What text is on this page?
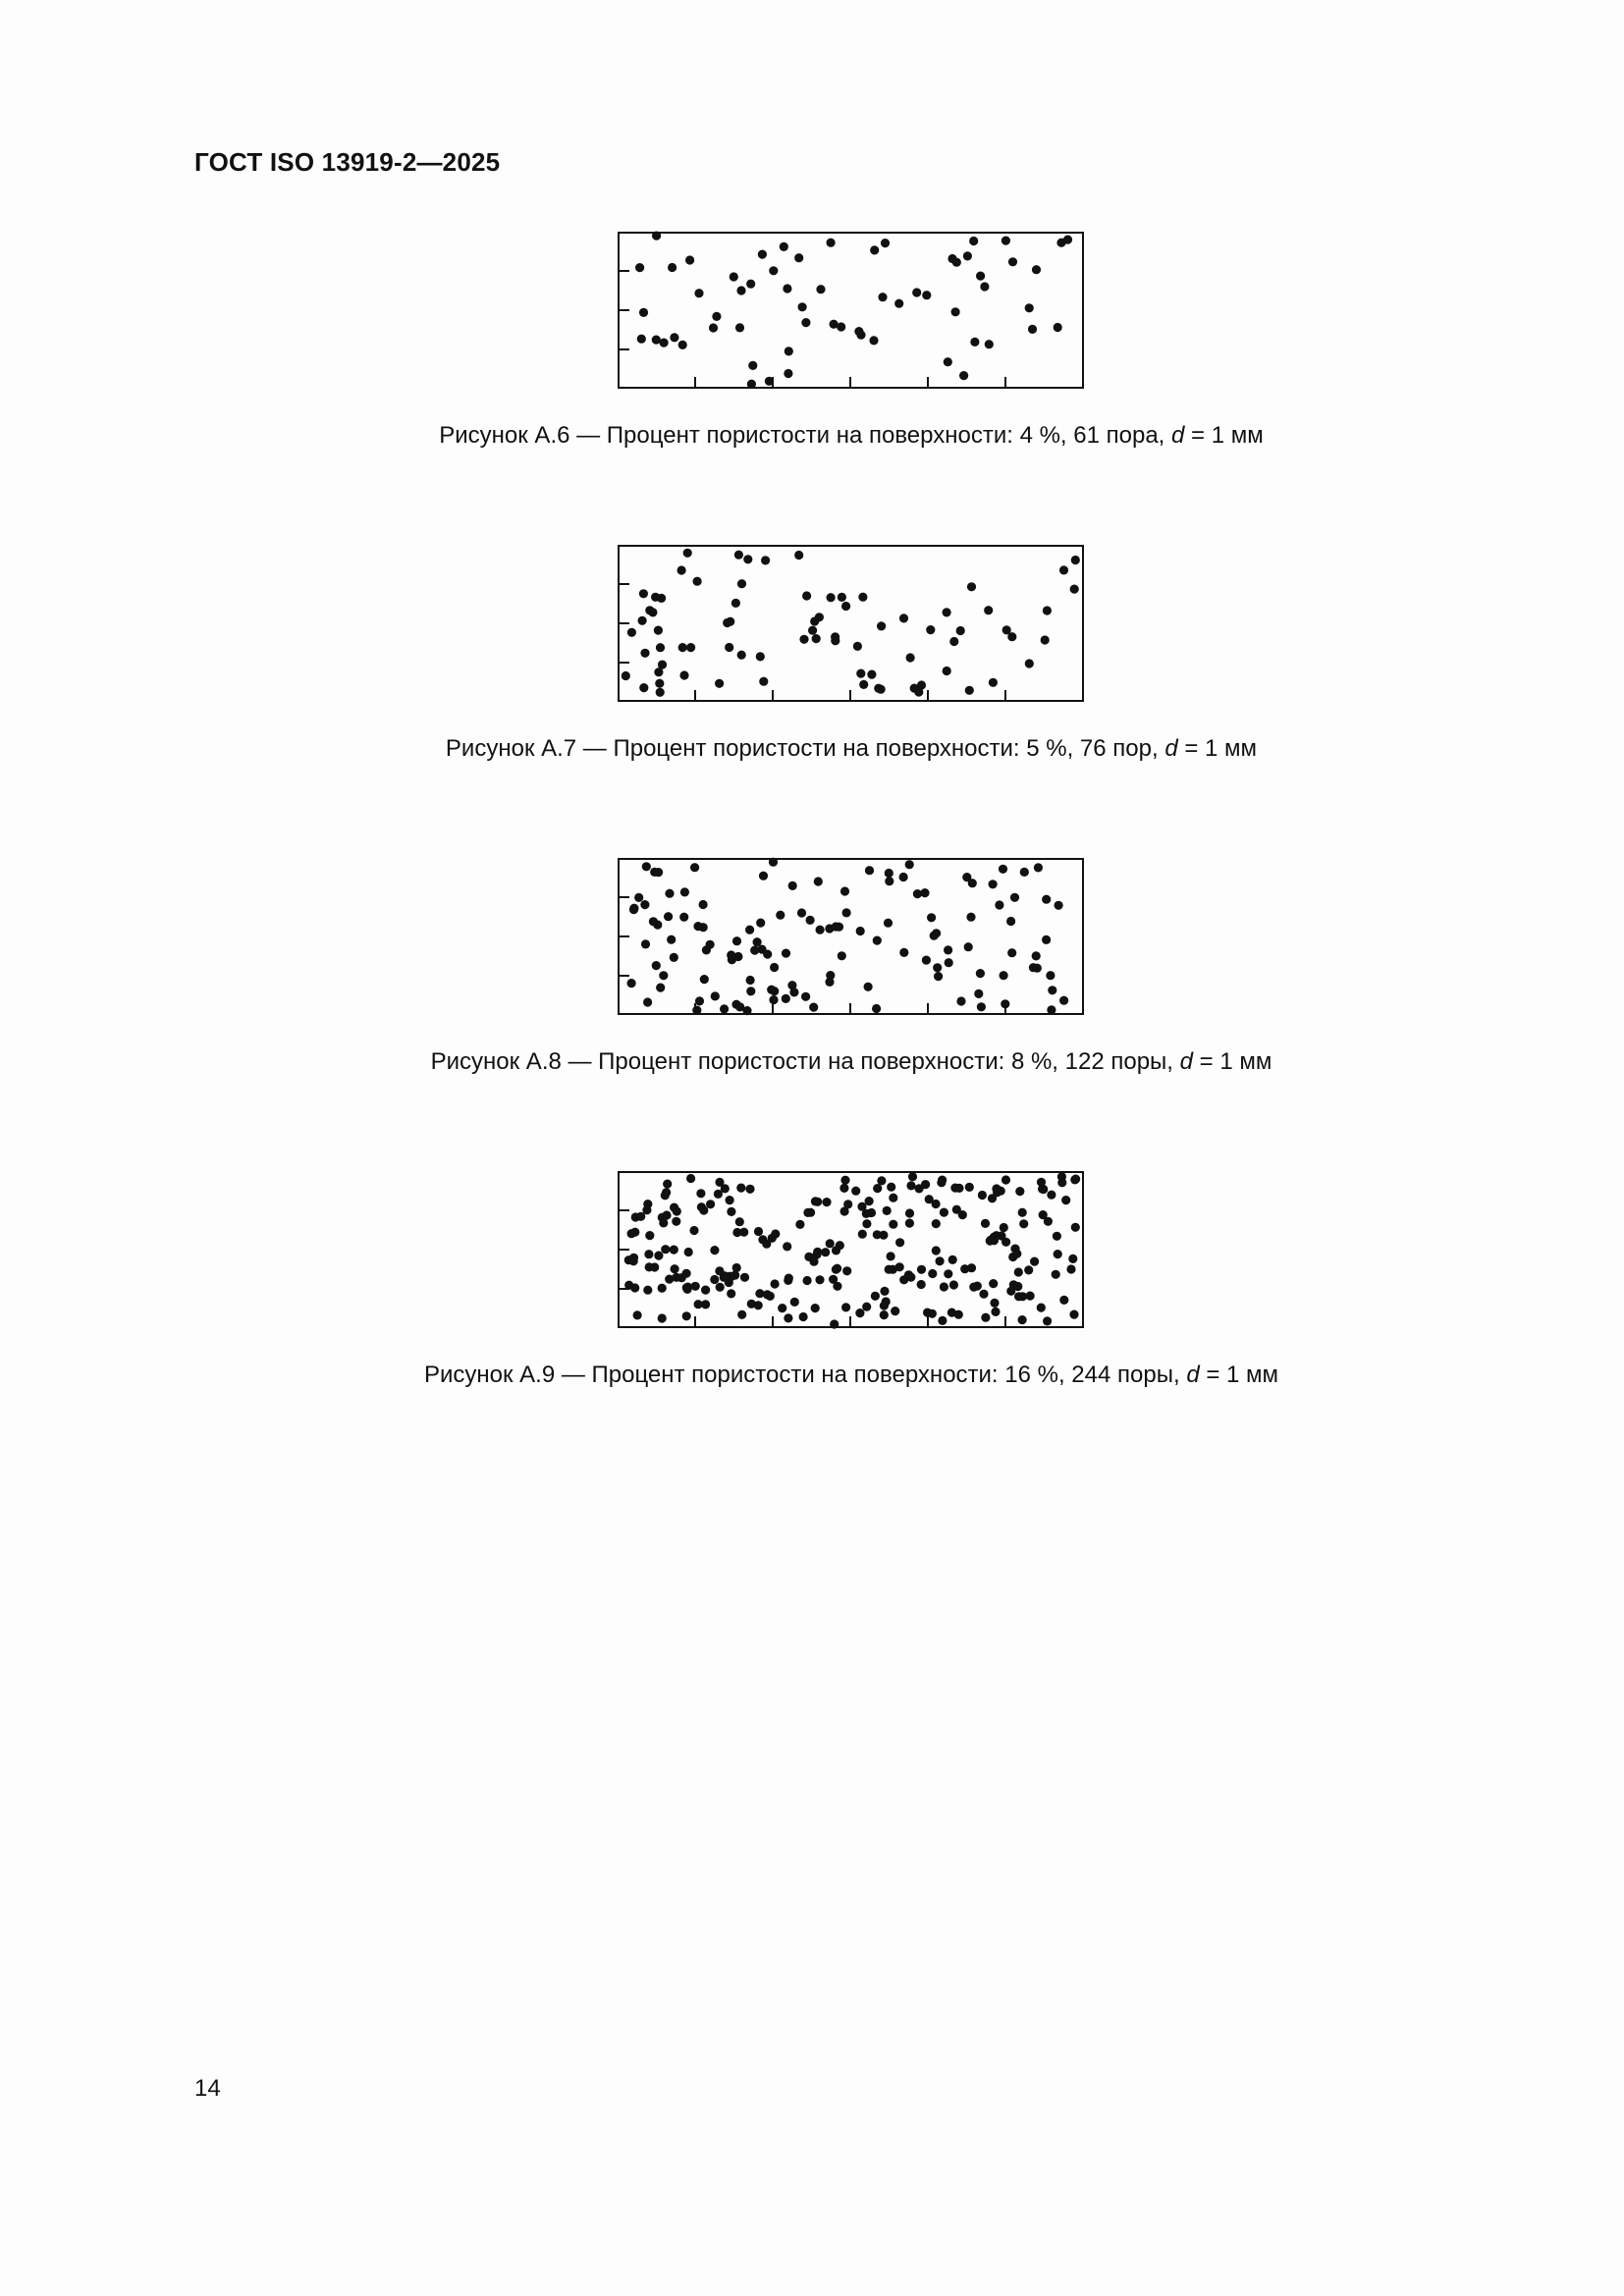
ГОСТ ISO 13919-2—2025
Рисунок А.6 — Процент пористости на поверхности: 4 %, 61 пора, d = 1 мм
Рисунок А.7 — Процент пористости на поверхности: 5 %, 76 пор, d = 1 мм
Рисунок А.8 — Процент пористости на поверхности: 8 %, 122 поры, d = 1 мм
Рисунок А.9 — Процент пористости на поверхности: 16 %, 244 поры, d = 1 мм
14
